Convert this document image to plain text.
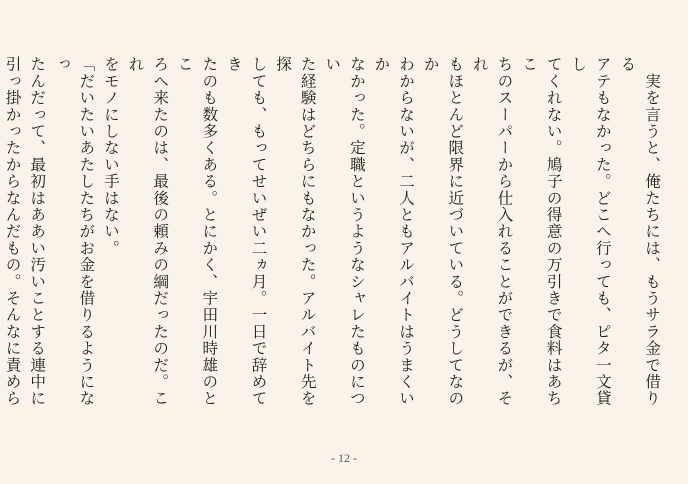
　実を言うと、俺たちには、もうサラ金で借りる

アテもなかった。どこへ行っても、ピタ一文貸し

てくれない。鳩子の得意の万引きで食料はあちこ

ちのスーパーから仕入れることができるが、それ

もほとんど限界に近づいている。どうしてなのか

わからないが、二人ともアルバイトはうまくいか

なかった。定職というようなシャレたものについ

た経験はどちらにもなかった。アルバイト先を探

しても、もってせいぜい二ヵ月。一日で辞めてき

たのも数多くある。とにかく、宇田川時雄のとこ

ろへ来たのは、最後の頼みの綱だったのだ。これ

をモノにしない手はない。

「だいたいあたしたちがお金を借りるようになっ

たんだって、最初はああい汚いことする連中に

引っ掛かったからなんだもの。そんなに責めら

- 12 -
